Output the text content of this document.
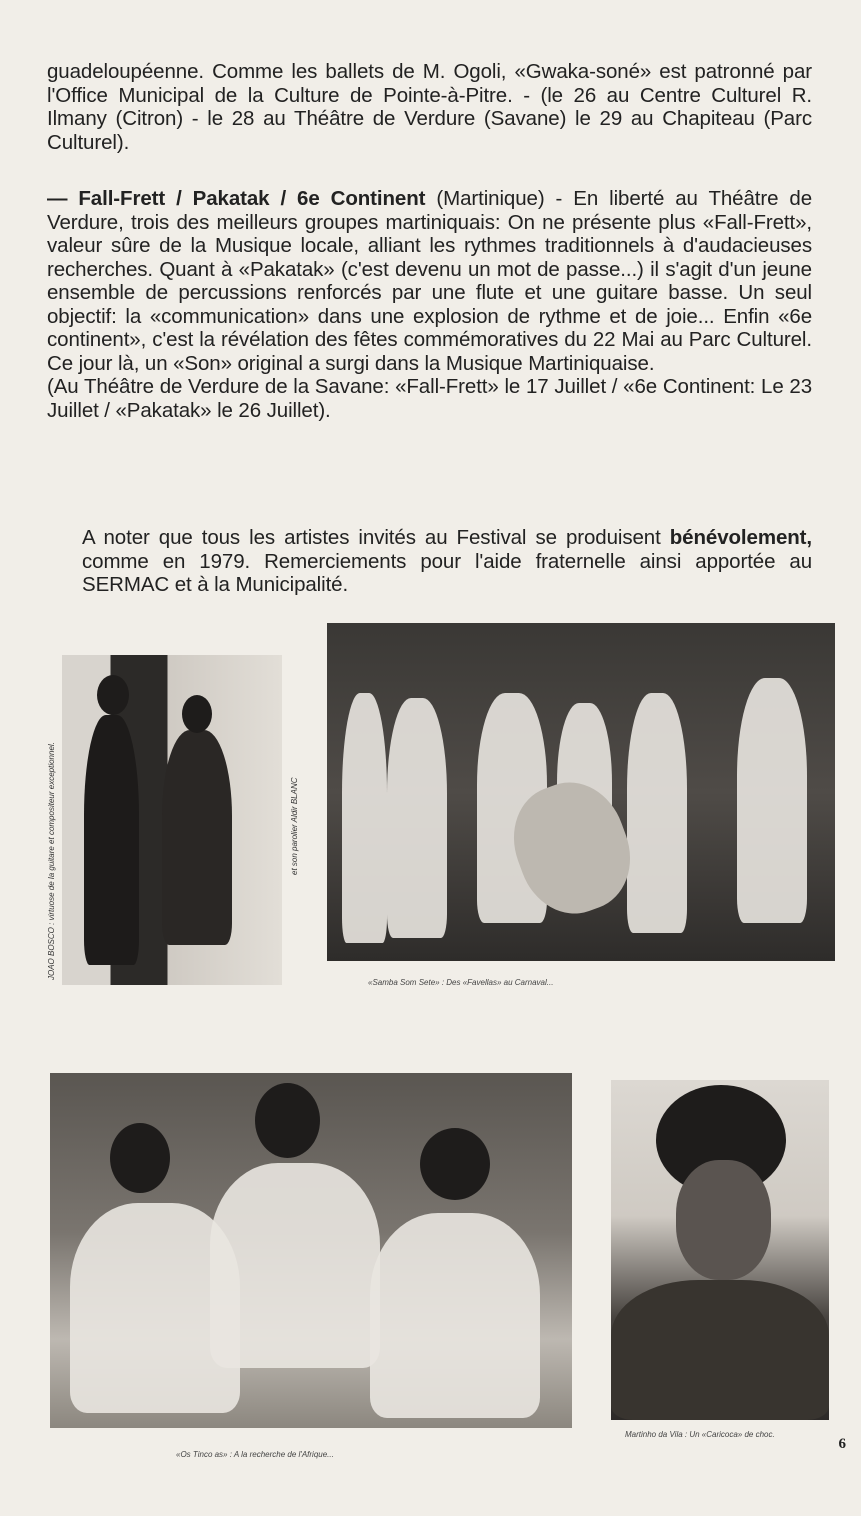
guadeloupéenne. Comme les ballets de M. Ogoli, «Gwaka-soné» est patronné par l'Office Municipal de la Culture de Pointe-à-Pitre. - (le 26 au Centre Culturel R. Ilmany (Citron) - le 28 au Théâtre de Verdure (Savane) le 29 au Chapiteau (Parc Culturel).

— Fall-Frett / Pakatak / 6e Continent (Martinique) - En liberté au Théâtre de Verdure, trois des meilleurs groupes martiniquais: On ne présente plus «Fall-Frett», valeur sûre de la Musique locale, alliant les rythmes traditionnels à d'audacieuses recherches. Quant à «Pakatak» (c'est devenu un mot de passe...) il s'agit d'un jeune ensemble de percussions renforcés par une flute et une guitare basse. Un seul objectif: la «communication» dans une explosion de rythme et de joie... Enfin «6e continent», c'est la révélation des fêtes commémoratives du 22 Mai au Parc Culturel. Ce jour là, un «Son» original a surgi dans la Musique Martiniquaise.

(Au Théâtre de Verdure de la Savane: «Fall-Frett» le 17 Juillet / «6e Continent: Le 23 Juillet / «Pakatak» le 26 Juillet).

A noter que tous les artistes invités au Festival se produisent bénévolement, comme en 1979. Remerciements pour l'aide fraternelle ainsi apportée au SERMAC et à la Municipalité.

JOAO BOSCO : virtuose de la guitare et compositeur exceptionnel.	et son parolier Aldir BLANC
«Samba Som Sete» : Des «Favellas» au Carnaval...
«Os Tinco as» : A la recherche de l'Afrique...
Martinho da Vila : Un «Caricoca» de choc.
6
